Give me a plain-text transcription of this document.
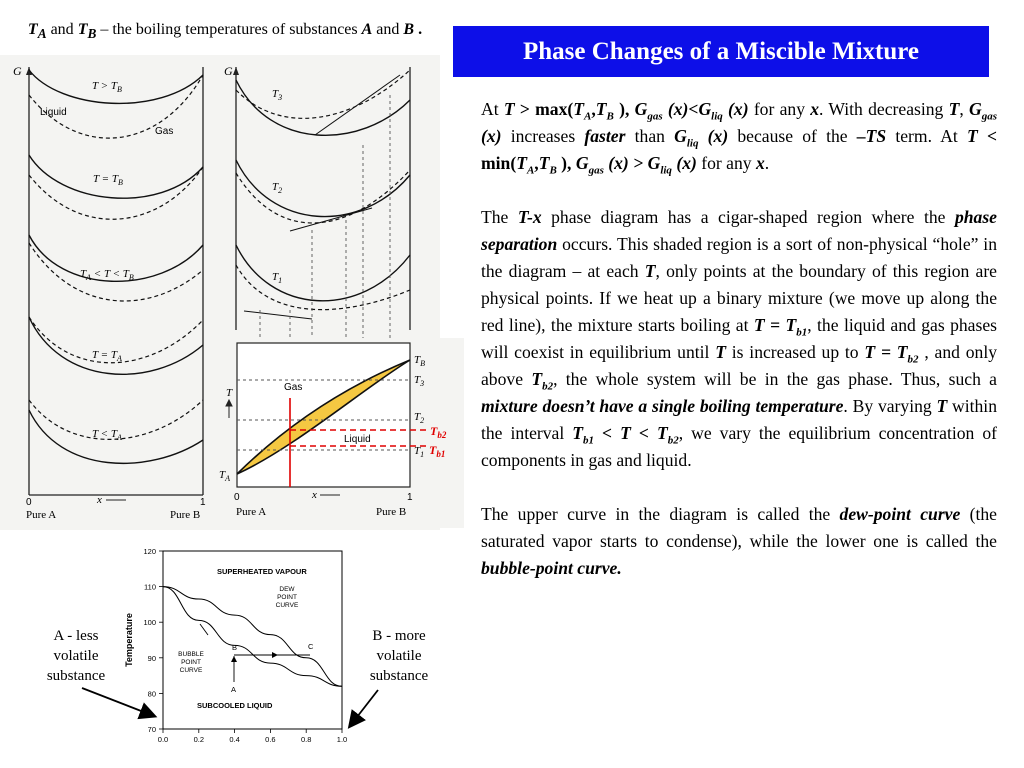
Phase Changes of a Miscible Mixture
$T_A$ and $T_B$ – the boiling temperatures of substances A and B .

At $T > \max(T_A,T_B$ ), $G_{gas}$ $(x)<G_{liq}$ (x) for any x. With decreasing T, $G_{gas}$ (x) increases faster than $G_{liq}$ (x) because of the –TS term. At $T < \min(T_A,T_B$ ), $G_{gas}$ $(x) > G_{liq}$ (x) for any x.

The T-x phase diagram has a cigar-shaped region where the phase separation occurs. This shaded region is a sort of non-physical “hole” in the diagram – at each T, only points at the boundary of this region are physical points. If we heat up a binary mixture (we move up along the red line), the mixture starts boiling at $T = T_{b1}$, the liquid and gas phases will coexist in equilibrium until T is increased up to $T = T_{b2}$ , and only above $T_{b2}$, the whole system will be in the gas phase. Thus, such a mixture doesn’t have a single boiling temperature. By varying T within the interval $T_{b1} < T < T_{b2}$, we vary the equilibrium concentration of components in gas and liquid.

The upper curve in the diagram is called the dew-point curve (the saturated vapor starts to condense), while the lower one is called the bubble-point curve.

A - less volatile substance
B - more volatile substance
G
$T > T_B$
Liquid
Gas
$T = T_B$
$T_A < T < T_B$
$T = T_A$
$T < T_A$
0	1
x
Pure A	Pure B
G
$T_3$
$T_2$
$T_1$
Gas
Liquid
T
$T_B$
$T_3$
$T_2$
$T_1$
$T_A$
$T_{b2}$
$T_{b1}$
0	1
x
Pure A	Pure B
70
80
90
100
110
120
0.0	0.2	0.4	0.6	0.8	1.0
Temperature
SUPERHEATED VAPOUR
SUBCOOLED LIQUID
DEW
POINT
CURVE
BUBBLE
POINT
CURVE
A
B	C
